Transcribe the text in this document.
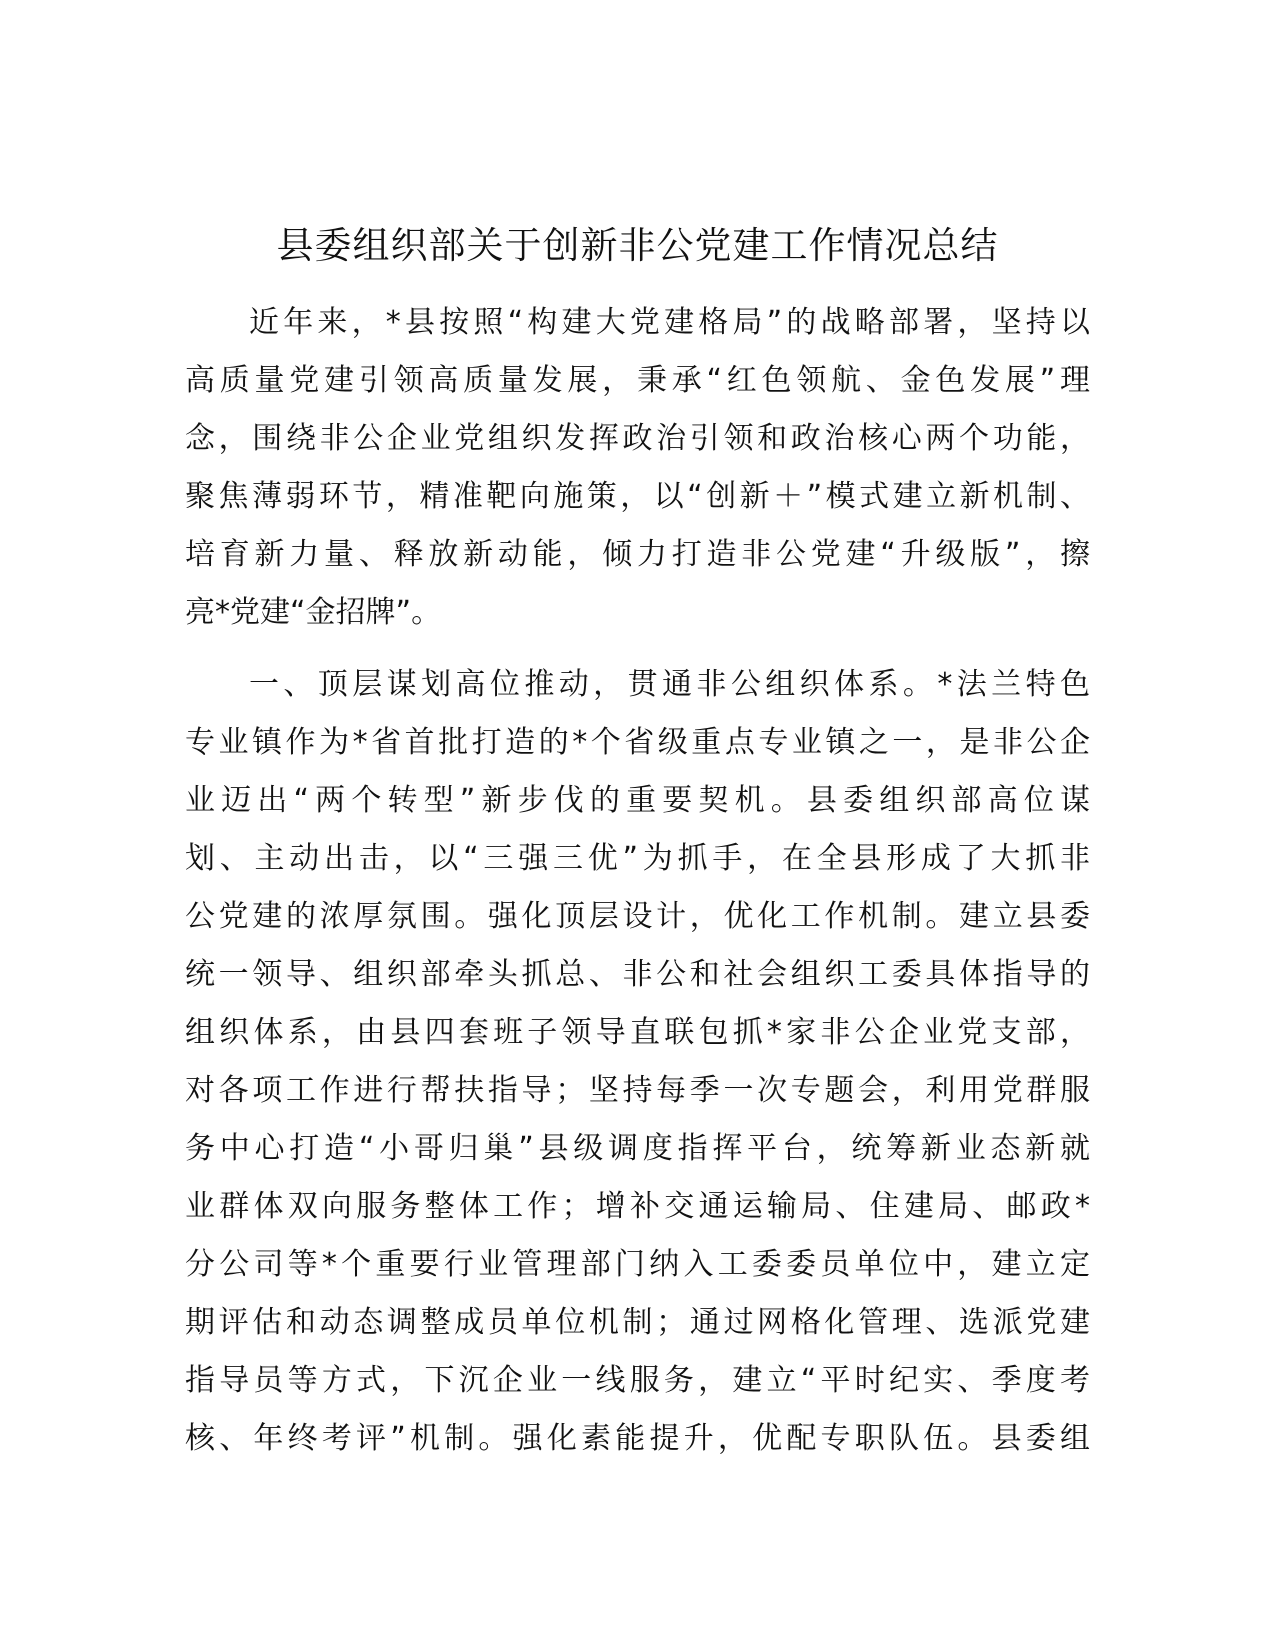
县委组织部关于创新非公党建工作情况总结
近年来，*县按照“构建大党建格局”的战略部署，坚持以
高质量党建引领高质量发展，秉承“红色领航、金色发展”理
念，围绕非公企业党组织发挥政治引领和政治核心两个功能，
聚焦薄弱环节，精准靶向施策，以“创新＋”模式建立新机制、
培育新力量、释放新动能，倾力打造非公党建“升级版”，擦
亮*党建“金招牌”。
一、顶层谋划高位推动，贯通非公组织体系。*法兰特色
专业镇作为*省首批打造的*个省级重点专业镇之一，是非公企
业迈出“两个转型”新步伐的重要契机。县委组织部高位谋
划、主动出击，以“三强三优”为抓手，在全县形成了大抓非
公党建的浓厚氛围。强化顶层设计，优化工作机制。建立县委
统一领导、组织部牵头抓总、非公和社会组织工委具体指导的
组织体系，由县四套班子领导直联包抓*家非公企业党支部，
对各项工作进行帮扶指导；坚持每季一次专题会，利用党群服
务中心打造“小哥归巢”县级调度指挥平台，统筹新业态新就
业群体双向服务整体工作；增补交通运输局、住建局、邮政*
分公司等*个重要行业管理部门纳入工委委员单位中，建立定
期评估和动态调整成员单位机制；通过网格化管理、选派党建
指导员等方式，下沉企业一线服务，建立“平时纪实、季度考
核、年终考评”机制。强化素能提升，优配专职队伍。县委组
